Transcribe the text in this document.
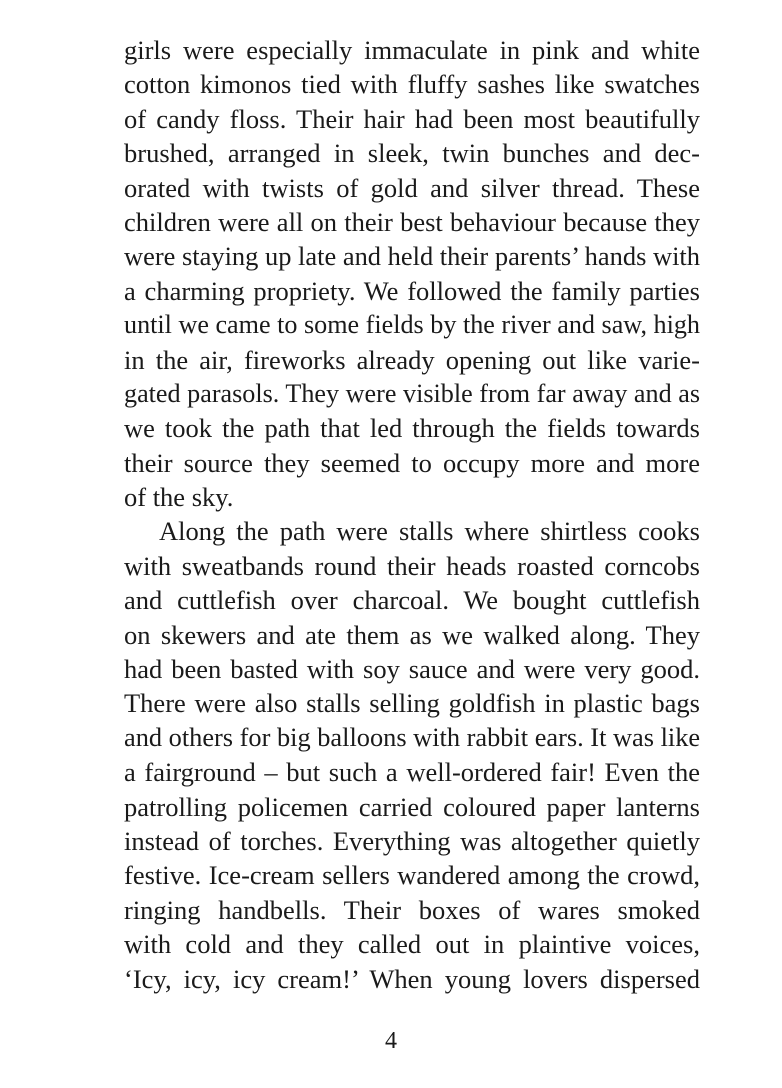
girls were especially immaculate in pink and white
cotton kimonos tied with fluffy sashes like swatches
of candy floss. Their hair had been most beautifully
brushed, arranged in sleek, twin bunches and dec-
orated with twists of gold and silver thread. These
children were all on their best behaviour because they
were staying up late and held their parents’ hands with
a charming propriety. We followed the family parties
until we came to some fields by the river and saw, high
in the air, fireworks already opening out like varie-
gated parasols. They were visible from far away and as
we took the path that led through the fields towards
their source they seemed to occupy more and more
of the sky.
Along the path were stalls where shirtless cooks
with sweatbands round their heads roasted corncobs
and cuttlefish over charcoal. We bought cuttlefish
on skewers and ate them as we walked along. They
had been basted with soy sauce and were very good.
There were also stalls selling goldfish in plastic bags
and others for big balloons with rabbit ears. It was like
a fairground – but such a well-ordered fair! Even the
patrolling policemen carried coloured paper lanterns
instead of torches. Everything was altogether quietly
festive. Ice-cream sellers wandered among the crowd,
ringing handbells. Their boxes of wares smoked
with cold and they called out in plaintive voices,
‘Icy, icy, icy cream!’ When young lovers dispersed
4
